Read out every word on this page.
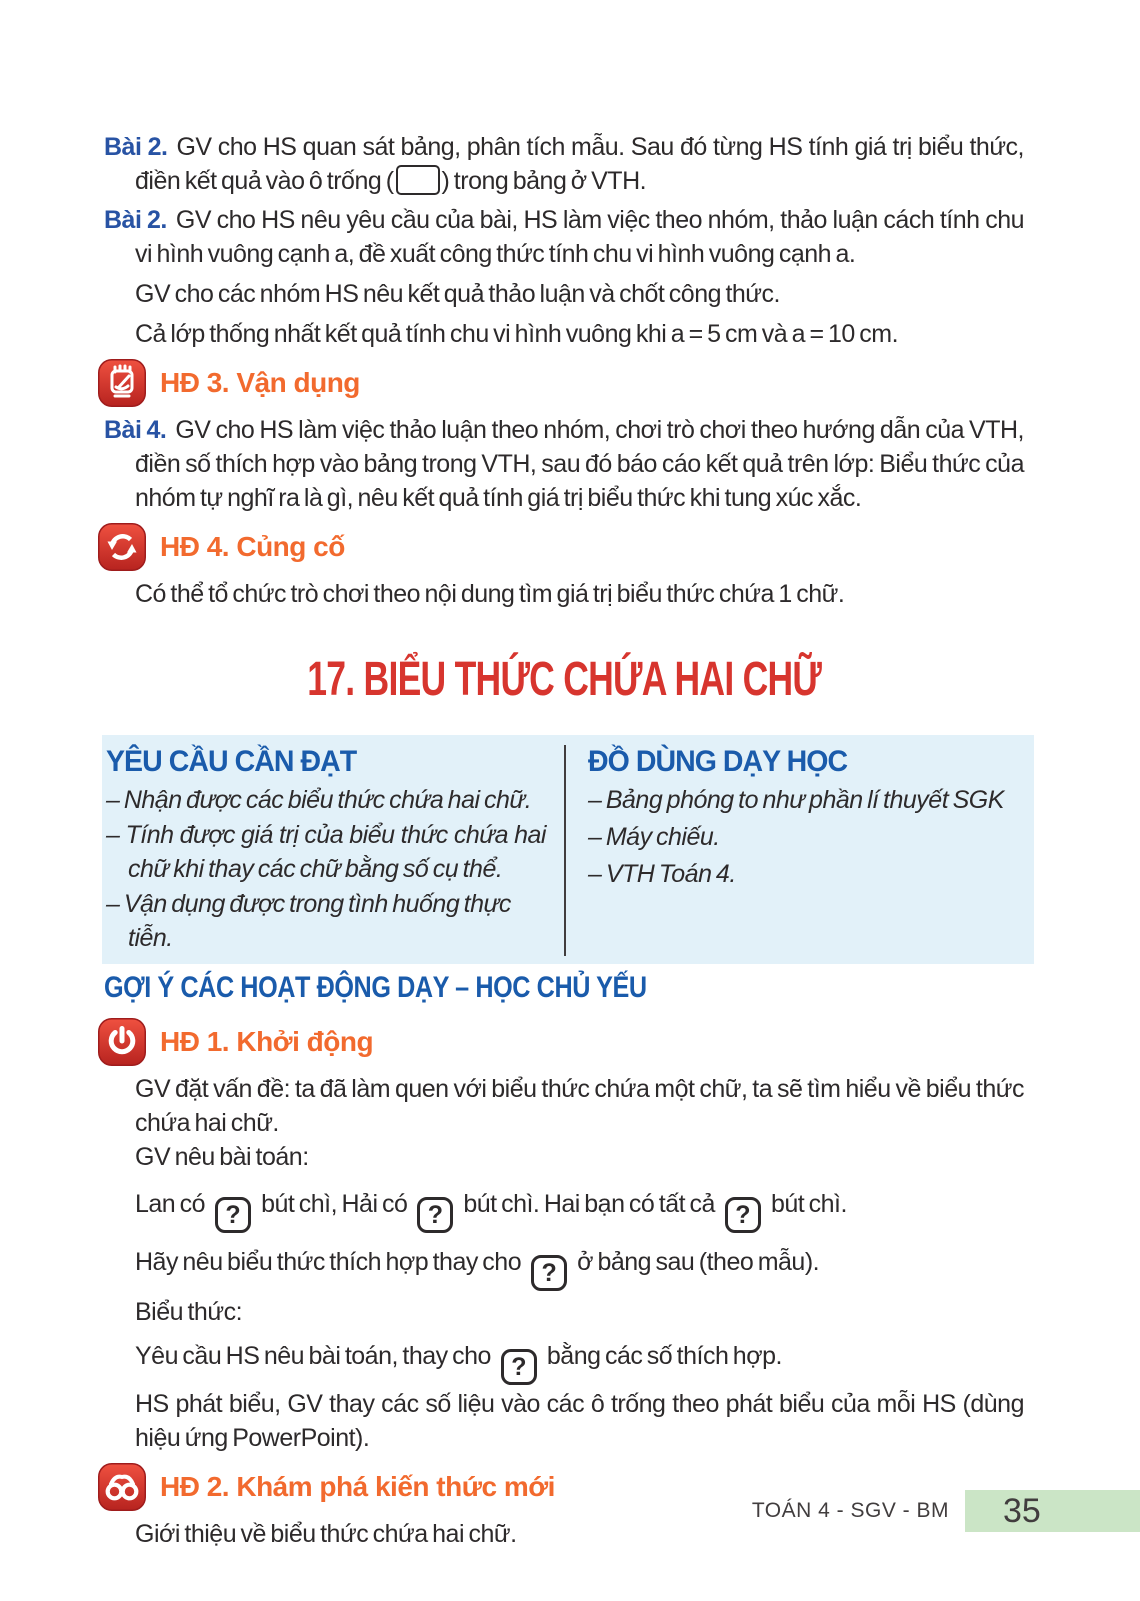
Bài 2. GV cho HS quan sát bảng, phân tích mẫu. Sau đó từng HS tính giá trị biểu thức, điền kết quả vào ô trống ( ) trong bảng ở VTH.

Bài 2. GV cho HS nêu yêu cầu của bài, HS làm việc theo nhóm, thảo luận cách tính chu vi hình vuông cạnh a, đề xuất công thức tính chu vi hình vuông cạnh a.

GV cho các nhóm HS nêu kết quả thảo luận và chốt công thức.

Cả lớp thống nhất kết quả tính chu vi hình vuông khi a = 5 cm và a = 10 cm.

HĐ 3. Vận dụng

Bài 4. GV cho HS làm việc thảo luận theo nhóm, chơi trò chơi theo hướng dẫn của VTH, điền số thích hợp vào bảng trong VTH, sau đó báo cáo kết quả trên lớp: Biểu thức của nhóm tự nghĩ ra là gì, nêu kết quả tính giá trị biểu thức khi tung xúc xắc.

HĐ 4. Củng cố

Có thể tổ chức trò chơi theo nội dung tìm giá trị biểu thức chứa 1 chữ.

17. BIỂU THỨC CHỨA HAI CHỮ
YÊU CẦU CẦN ĐẠT

– Nhận được các biểu thức chứa hai chữ.

– Tính được giá trị của biểu thức chứa hai chữ khi thay các chữ bằng số cụ thể.

– Vận dụng được trong tình huống thực tiễn.

ĐỒ DÙNG DẠY HỌC

– Bảng phóng to như phần lí thuyết SGK

– Máy chiếu.

– VTH Toán 4.

GỢI Ý CÁC HOẠT ĐỘNG DẠY – HỌC CHỦ YẾU
HĐ 1. Khởi động

GV đặt vấn đề: ta đã làm quen với biểu thức chứa một chữ, ta sẽ tìm hiểu về biểu thức chứa hai chữ.

GV nêu bài toán:

Lan có ? bút chì, Hải có ? bút chì. Hai bạn có tất cả ? bút chì.

Hãy nêu biểu thức thích hợp thay cho ? ở bảng sau (theo mẫu).

Biểu thức:

Yêu cầu HS nêu bài toán, thay cho ? bằng các số thích hợp.

HS phát biểu, GV thay các số liệu vào các ô trống theo phát biểu của mỗi HS (dùng hiệu ứng PowerPoint).

HĐ 2. Khám phá kiến thức mới

Giới thiệu về biểu thức chứa hai chữ.

TOÁN 4 - SGV - BM 35
